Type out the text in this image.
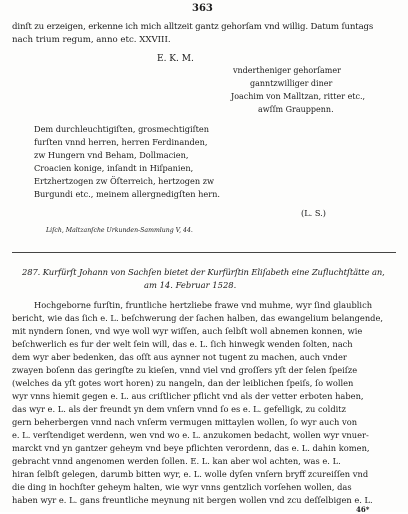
363
dinſt zu erzeigen, erkenne ich mich alltzeit gantz gehorſam vnd willig. Datum ſuntags
nach trium regum, anno etc. XXVIII.
E. K. M.
vndertheniger gehorſamer
ganntzwilliger diner
Joachim von Malltzan, ritter etc.,
awſſm Grauppenn.
Dem durchleuchtigiſten, grosmechtigiſten
furſten vnnd herren, herren Ferdinanden,
zw Hungern vnd Beham, Dollmacien,
Croacien konige, inſandt in Hiſpanien,
Ertzhertzogen zw Öſterreich, hertzogen zw
Burgundi etc., meinem allergnedigſten hern.
(L. S.)
Liſch, Maltzanſche Urkunden-Sammlung V, 44.
287. Kurfürſt Johann von Sachſen bietet der Kurfürſtin Eliſabeth eine Zufluchtſtätte an,
am 14. Februar 1528.
Hochgeborne furſtin, fruntliche hertzliebe frawe vnd muhme, wyr ſind glaublich
bericht, wie das ſich e. L. beſchwerung der ſachen halben, das ewangelium belangende,
mit nyndern ſonen, vnd wye woll wyr wiſſen, auch ſelbſt woll abnemen konnen, wie
beſchwerlich es fur der welt ſein will, das e. L. ſich hinwegk wenden ſolten, nach
dem wyr aber bedenken, das oſſt aus aynner not tugent zu machen, auch vnder
zwayen boſenn das geringſte zu kieſen, vnnd viel vnd groſſers yſt der ſelen ſpeiſze
(welches da yſt gotes wort horen) zu nangeln, dan der leiblichen ſpeiſs, ſo wollen
wyr vnns hiemit gegen e. L. aus criſtlicher pflicht vnd als der vetter erboten haben,
das wyr e. L. als der freundt yn dem vnſern vnnd ſo es e. L. gefelligk, zu colditz
gern beherbergen vnnd nach vnſerm vermugen mittaylen wollen, ſo wyr auch von
e. L. verſtendiget werdenn, wen vnd wo e. L. anzukomen bedacht, wollen wyr vnuer-
marckt vnd yn gantzer geheym vnd beye pflichten verordenn, das e. L. dahin komen,
gebracht vnnd angenomen werden ſollen. E. L. kan aber wol achten, was e. L.
hiran ſelbſt gelegen, darumb bitten wyr, e. L. wolle dyſen vnſern bryff zcureiſſen vnd
die ding in hochſter geheym halten, wie wyr vnns gentzlich vorſehen wollen, das
haben wyr e. L. gans freuntliche meynung nit bergen wollen vnd zcu deſſelbigen e. L.
46*
